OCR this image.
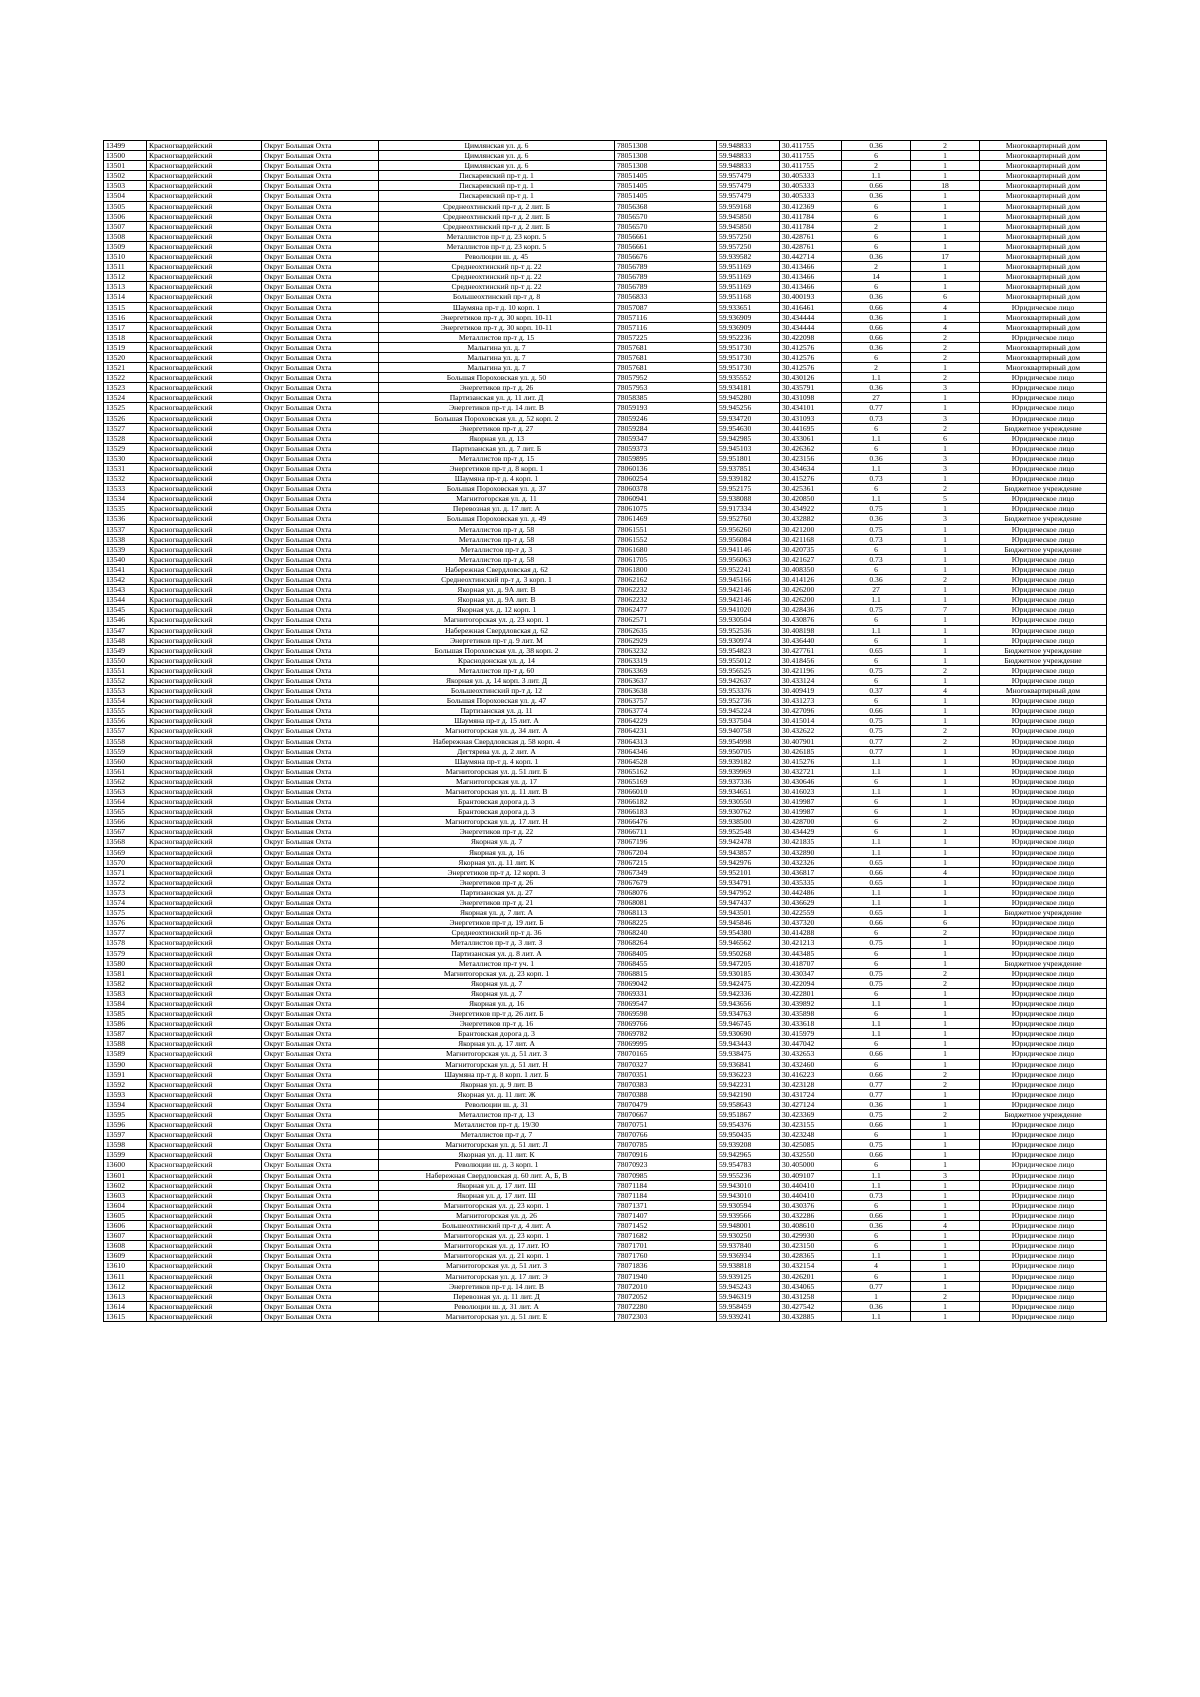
13499	Красногвардейский	Округ Большая Охта	Цимлянская ул. д. 6	78051308	59.948833	30.411755	0.36	2	Многоквартирный дом
13500	Красногвардейский	Округ Большая Охта	Цимлянская ул. д. 6	78051308	59.948833	30.411755	6	1	Многоквартирный дом
13501	Красногвардейский	Округ Большая Охта	Цимлянская ул. д. 6	78051308	59.948833	30.411755	2	1	Многоквартирный дом
13502	Красногвардейский	Округ Большая Охта	Пискаревский пр-т д. 1	78051405	59.957479	30.405333	1.1	1	Многоквартирный дом
13503	Красногвардейский	Округ Большая Охта	Пискаревский пр-т д. 1	78051405	59.957479	30.405333	0.66	18	Многоквартирный дом
13504	Красногвардейский	Округ Большая Охта	Пискаревский пр-т д. 1	78051405	59.957479	30.405333	0.36	1	Многоквартирный дом
13505	Красногвардейский	Округ Большая Охта	Среднеохтинский пр-т д. 2 лит. Б	78056368	59.959168	30.412369	6	1	Многоквартирный дом
13506	Красногвардейский	Округ Большая Охта	Среднеохтинский пр-т д. 2 лит. Б	78056570	59.945850	30.411784	6	1	Многоквартирный дом
13507	Красногвардейский	Округ Большая Охта	Среднеохтинский пр-т д. 2 лит. Б	78056570	59.945850	30.411784	2	1	Многоквартирный дом
13508	Красногвардейский	Округ Большая Охта	Металлистов пр-т д. 23 корп. 5	78056661	59.957250	30.428761	6	1	Многоквартирный дом
13509	Красногвардейский	Округ Большая Охта	Металлистов пр-т д. 23 корп. 5	78056661	59.957250	30.428761	6	1	Многоквартирный дом
13510	Красногвардейский	Округ Большая Охта	Революции ш. д. 45	78056676	59.939582	30.442714	0.36	17	Многоквартирный дом
13511	Красногвардейский	Округ Большая Охта	Среднеохтинский пр-т д. 22	78056789	59.951169	30.413466	2	1	Многоквартирный дом
13512	Красногвардейский	Округ Большая Охта	Среднеохтинский пр-т д. 22	78056789	59.951169	30.413466	14	1	Многоквартирный дом
13513	Красногвардейский	Округ Большая Охта	Среднеохтинский пр-т д. 22	78056789	59.951169	30.413466	6	1	Многоквартирный дом
13514	Красногвардейский	Округ Большая Охта	Большеохтинский пр-т д. 8	78056833	59.951168	30.400193	0.36	6	Многоквартирный дом
13515	Красногвардейский	Округ Большая Охта	Шаумяна пр-т д. 10 корп. 1	78057087	59.933651	30.416461	0.66	4	Юридическое лицо
13516	Красногвардейский	Округ Большая Охта	Энергетиков пр-т д. 30 корп. 10-11	78057116	59.936909	30.434444	0.36	1	Многоквартирный дом
13517	Красногвардейский	Округ Большая Охта	Энергетиков пр-т д. 30 корп. 10-11	78057116	59.936909	30.434444	0.66	4	Многоквартирный дом
13518	Красногвардейский	Округ Большая Охта	Металлистов пр-т д. 15	78057225	59.952236	30.422098	0.66	2	Юридическое лицо
13519	Красногвардейский	Округ Большая Охта	Малыгина ул. д. 7	78057681	59.951730	30.412576	0.36	2	Многоквартирный дом
13520	Красногвардейский	Округ Большая Охта	Малыгина ул. д. 7	78057681	59.951730	30.412576	6	2	Многоквартирный дом
13521	Красногвардейский	Округ Большая Охта	Малыгина ул. д. 7	78057681	59.951730	30.412576	2	1	Многоквартирный дом
13522	Красногвардейский	Округ Большая Охта	Большая Пороховская ул. д. 50	78057952	59.935552	30.430126	1.1	2	Юридическое лицо
13523	Красногвардейский	Округ Большая Охта	Энергетиков пр-т д. 26	78057953	59.934181	30.435791	0.36	3	Юридическое лицо
13524	Красногвардейский	Округ Большая Охта	Партизанская ул. д. 11 лит. Д	78058385	59.945280	30.431098	27	1	Юридическое лицо
13525	Красногвардейский	Округ Большая Охта	Энергетиков пр-т д. 14 лит. В	78059193	59.945256	30.434101	0.77	1	Юридическое лицо
13526	Красногвардейский	Округ Большая Охта	Большая Пороховская ул. д. 52 корп. 2	78059246	59.934720	30.431093	0.73	3	Юридическое лицо
13527	Красногвардейский	Округ Большая Охта	Энергетиков пр-т д. 27	78059284	59.954630	30.441695	6	2	Бюджетное учреждение
13528	Красногвардейский	Округ Большая Охта	Якорная ул. д. 13	78059347	59.942985	30.433061	1.1	6	Юридическое лицо
13529	Красногвардейский	Округ Большая Охта	Партизанская ул. д. 7 лит. Б	78059373	59.945103	30.426362	6	1	Юридическое лицо
13530	Красногвардейский	Округ Большая Охта	Металлистов пр-т д. 15	78059895	59.951801	30.423156	0.36	3	Юридическое лицо
13531	Красногвардейский	Округ Большая Охта	Энергетиков пр-т д. 8 корп. 1	78060136	59.937851	30.434634	1.1	3	Юридическое лицо
13532	Красногвардейский	Округ Большая Охта	Шаумяна пр-т д. 4 корп. 1	78060254	59.939182	30.415276	0.73	1	Юридическое лицо
13533	Красногвардейский	Округ Большая Охта	Большая Пороховская ул. д. 37	78060378	59.952175	30.425361	6	2	Бюджетное учреждение
13534	Красногвардейский	Округ Большая Охта	Магнитогорская ул. д. 11	78060941	59.938088	30.420850	1.1	5	Юридическое лицо
13535	Красногвардейский	Округ Большая Охта	Перевозная ул. д. 17 лит. А	78061075	59.917334	30.434922	0.75	1	Юридическое лицо
13536	Красногвардейский	Округ Большая Охта	Большая Пороховская ул. д. 49	78061469	59.952760	30.432882	0.36	3	Бюджетное учреждение
13537	Красногвардейский	Округ Большая Охта	Металлистов пр-т д. 58	78061551	59.956260	30.421200	0.75	1	Юридическое лицо
13538	Красногвардейский	Округ Большая Охта	Металлистов пр-т д. 58	78061552	59.956084	30.421168	0.73	1	Юридическое лицо
13539	Красногвардейский	Округ Большая Охта	Металлистов пр-т д. 3	78061680	59.941146	30.420735	6	1	Бюджетное учреждение
13540	Красногвардейский	Округ Большая Охта	Металлистов пр-т д. 58	78061705	59.956063	30.421627	0.73	1	Юридическое лицо
13541	Красногвардейский	Округ Большая Охта	Набережная Свердловская д. 62	78061800	59.952241	30.408350	6	1	Юридическое лицо
13542	Красногвардейский	Округ Большая Охта	Среднеохтинский пр-т д. 3 корп. 1	78062162	59.945166	30.414126	0.36	2	Юридическое лицо
13543	Красногвардейский	Округ Большая Охта	Якорная ул. д. 9А лит. В	78062232	59.942146	30.426200	27	1	Юридическое лицо
13544	Красногвардейский	Округ Большая Охта	Якорная ул. д. 9А лит. В	78062232	59.942146	30.426200	1.1	1	Юридическое лицо
13545	Красногвардейский	Округ Большая Охта	Якорная ул. д. 12 корп. 1	78062477	59.941020	30.428436	0.75	7	Юридическое лицо
13546	Красногвардейский	Округ Большая Охта	Магнитогорская ул. д. 23 корп. 1	78062571	59.930504	30.430876	6	1	Юридическое лицо
13547	Красногвардейский	Округ Большая Охта	Набережная Свердловская д. 62	78062635	59.952536	30.408198	1.1	1	Юридическое лицо
13548	Красногвардейский	Округ Большая Охта	Энергетиков пр-т д. 9 лит. М	78062929	59.930974	30.436440	6	1	Юридическое лицо
13549	Красногвардейский	Округ Большая Охта	Большая Пороховская ул. д. 38 корп. 2	78063232	59.954823	30.427761	0.65	1	Бюджетное учреждение
13550	Красногвардейский	Округ Большая Охта	Краснодонская ул. д. 14	78063319	59.955012	30.418456	6	1	Бюджетное учреждение
13551	Красногвардейский	Округ Большая Охта	Металлистов пр-т д. 60	78063369	59.956525	30.421196	0.75	2	Юридическое лицо
13552	Красногвардейский	Округ Большая Охта	Якорная ул. д. 14 корп. 3 лит. Д	78063637	59.942637	30.433124	6	1	Юридическое лицо
13553	Красногвардейский	Округ Большая Охта	Большеохтинский пр-т д. 12	78063638	59.953376	30.409419	0.37	4	Многоквартирный дом
13554	Красногвардейский	Округ Большая Охта	Большая Пороховская ул. д. 47	78063757	59.952736	30.431273	6	1	Юридическое лицо
13555	Красногвардейский	Округ Большая Охта	Партизанская ул. д. 11	78063774	59.945224	30.427096	0.66	1	Юридическое лицо
13556	Красногвардейский	Округ Большая Охта	Шаумяна пр-т д. 15 лит. А	78064229	59.937504	30.415014	0.75	1	Юридическое лицо
13557	Красногвардейский	Округ Большая Охта	Магнитогорская ул. д. 34 лит. А	78064231	59.940758	30.432622	0.75	2	Юридическое лицо
13558	Красногвардейский	Округ Большая Охта	Набережная Свердловская д. 58 корп. 4	78064313	59.954998	30.407901	0.77	2	Юридическое лицо
13559	Красногвардейский	Округ Большая Охта	Дегтярева ул. д. 2 лит. А	78064346	59.950705	30.426185	0.77	1	Юридическое лицо
13560	Красногвардейский	Округ Большая Охта	Шаумяна пр-т д. 4 корп. 1	78064528	59.939182	30.415276	1.1	1	Юридическое лицо
13561	Красногвардейский	Округ Большая Охта	Магнитогорская ул. д. 51 лит. Б	78065162	59.939969	30.432721	1.1	1	Юридическое лицо
13562	Красногвардейский	Округ Большая Охта	Магнитогорская ул. д. 17	78065169	59.937336	30.430646	6	1	Юридическое лицо
13563	Красногвардейский	Округ Большая Охта	Магнитогорская ул. д. 11 лит. В	78066010	59.934651	30.416023	1.1	1	Юридическое лицо
13564	Красногвардейский	Округ Большая Охта	Брантовская дорога д. 3	78066182	59.930550	30.419987	6	1	Юридическое лицо
13565	Красногвардейский	Округ Большая Охта	Брантовская дорога д. 3	78066183	59.930762	30.419987	6	1	Юридическое лицо
13566	Красногвардейский	Округ Большая Охта	Магнитогорская ул. д. 17 лит. Н	78066476	59.938500	30.428700	6	2	Юридическое лицо
13567	Красногвардейский	Округ Большая Охта	Энергетиков пр-т д. 22	78066711	59.952548	30.434429	6	1	Юридическое лицо
13568	Красногвардейский	Округ Большая Охта	Якорная ул. д. 7	78067196	59.942478	30.421835	1.1	1	Юридическое лицо
13569	Красногвардейский	Округ Большая Охта	Якорная ул. д. 16	78067204	59.943857	30.432890	1.1	1	Юридическое лицо
13570	Красногвардейский	Округ Большая Охта	Якорная ул. д. 11 лит. К	78067215	59.942976	30.432326	0.65	1	Юридическое лицо
13571	Красногвардейский	Округ Большая Охта	Энергетиков пр-т д. 12 корп. 3	78067349	59.952101	30.436817	0.66	4	Юридическое лицо
13572	Красногвардейский	Округ Большая Охта	Энергетиков пр-т д. 26	78067679	59.934791	30.435335	0.65	1	Юридическое лицо
13573	Красногвардейский	Округ Большая Охта	Партизанская ул. д. 27	78068076	59.947952	30.442486	1.1	1	Юридическое лицо
13574	Красногвардейский	Округ Большая Охта	Энергетиков пр-т д. 21	78068081	59.947437	30.436629	1.1	1	Юридическое лицо
13575	Красногвардейский	Округ Большая Охта	Якорная ул. д. 7 лит. А	78068113	59.943501	30.422559	0.65	1	Бюджетное учреждение
13576	Красногвардейский	Округ Большая Охта	Энергетиков пр-т д. 19 лит. Б	78068225	59.945846	30.437320	0.66	6	Юридическое лицо
13577	Красногвардейский	Округ Большая Охта	Среднеохтинский пр-т д. 36	78068240	59.954380	30.414288	6	2	Юридическое лицо
13578	Красногвардейский	Округ Большая Охта	Металлистов пр-т д. 3 лит. З	78068264	59.946562	30.421213	0.75	1	Юридическое лицо
13579	Красногвардейский	Округ Большая Охта	Партизанская ул. д. 8 лит. А	78068405	59.950268	30.443485	6	1	Юридическое лицо
13580	Красногвардейский	Округ Большая Охта	Металлистов пр-т уч. 1	78068455	59.947205	30.418707	6	1	Бюджетное учреждение
13581	Красногвардейский	Округ Большая Охта	Магнитогорская ул. д. 23 корп. 1	78068815	59.930185	30.430347	0.75	2	Юридическое лицо
13582	Красногвардейский	Округ Большая Охта	Якорная ул. д. 7	78069042	59.942475	30.422094	0.75	2	Юридическое лицо
13583	Красногвардейский	Округ Большая Охта	Якорная ул. д. 7	78069331	59.942336	30.422801	6	1	Юридическое лицо
13584	Красногвардейский	Округ Большая Охта	Якорная ул. д. 16	78069547	59.943656	30.439892	1.1	1	Юридическое лицо
13585	Красногвардейский	Округ Большая Охта	Энергетиков пр-т д. 26 лит. Б	78069598	59.934763	30.435898	6	1	Юридическое лицо
13586	Красногвардейский	Округ Большая Охта	Энергетиков пр-т д. 16	78069766	59.946745	30.433618	1.1	1	Юридическое лицо
13587	Красногвардейский	Округ Большая Охта	Брантовская дорога д. 3	78069782	59.930690	30.415979	1.1	1	Юридическое лицо
13588	Красногвардейский	Округ Большая Охта	Якорная ул. д. 17 лит. А	78069995	59.943443	30.447042	6	1	Юридическое лицо
13589	Красногвардейский	Округ Большая Охта	Магнитогорская ул. д. 51 лит. З	78070165	59.938475	30.432653	0.66	1	Юридическое лицо
13590	Красногвардейский	Округ Большая Охта	Магнитогорская ул. д. 51 лит. Н	78070327	59.936841	30.432460	6	1	Юридическое лицо
13591	Красногвардейский	Округ Большая Охта	Шаумяна пр-т д. 8 корп. 1 лит. Б	78070351	59.936223	30.416223	0.66	2	Юридическое лицо
13592	Красногвардейский	Округ Большая Охта	Якорная ул. д. 9 лит. В	78070383	59.942231	30.423128	0.77	2	Юридическое лицо
13593	Красногвардейский	Округ Большая Охта	Якорная ул. д. 11 лит. Ж	78070388	59.942190	30.431724	0.77	1	Юридическое лицо
13594	Красногвардейский	Округ Большая Охта	Революции ш. д. 31	78070479	59.958643	30.427124	0.36	1	Юридическое лицо
13595	Красногвардейский	Округ Большая Охта	Металлистов пр-т д. 13	78070667	59.951867	30.423369	0.75	2	Бюджетное учреждение
13596	Красногвардейский	Округ Большая Охта	Металлистов пр-т д. 19/30	78070751	59.954376	30.423155	0.66	1	Юридическое лицо
13597	Красногвардейский	Округ Большая Охта	Металлистов пр-т д. 7	78070766	59.950435	30.423248	6	1	Юридическое лицо
13598	Красногвардейский	Округ Большая Охта	Магнитогорская ул. д. 51 лит. Л	78070785	59.939208	30.425085	0.75	1	Юридическое лицо
13599	Красногвардейский	Округ Большая Охта	Якорная ул. д. 11 лит. К	78070916	59.942965	30.432550	0.66	1	Юридическое лицо
13600	Красногвардейский	Округ Большая Охта	Революции ш. д. 3 корп. 1	78070923	59.954783	30.405000	6	1	Юридическое лицо
13601	Красногвардейский	Округ Большая Охта	Набережная Свердловская д. 60 лит. А, Б, В	78070985	59.955236	30.409107	1.1	3	Юридическое лицо
13602	Красногвардейский	Округ Большая Охта	Якорная ул. д. 17 лит. Ш	78071184	59.943010	30.440410	1.1	1	Юридическое лицо
13603	Красногвардейский	Округ Большая Охта	Якорная ул. д. 17 лит. Ш	78071184	59.943010	30.440410	0.73	1	Юридическое лицо
13604	Красногвардейский	Округ Большая Охта	Магнитогорская ул. д. 23 корп. 1	78071371	59.930594	30.430376	6	1	Юридическое лицо
13605	Красногвардейский	Округ Большая Охта	Магнитогорская ул. д. 26	78071407	59.939566	30.432286	0.66	1	Юридическое лицо
13606	Красногвардейский	Округ Большая Охта	Большеохтинский пр-т д. 4 лит. А	78071452	59.948001	30.408610	0.36	4	Юридическое лицо
13607	Красногвардейский	Округ Большая Охта	Магнитогорская ул. д. 23 корп. 1	78071682	59.930250	30.429930	6	1	Юридическое лицо
13608	Красногвардейский	Округ Большая Охта	Магнитогорская ул. д. 17 лит. Ю	78071701	59.937840	30.423150	6	1	Юридическое лицо
13609	Красногвардейский	Округ Большая Охта	Магнитогорская ул. д. 21 корп. 1	78071760	59.936934	30.428365	1.1	1	Юридическое лицо
13610	Красногвардейский	Округ Большая Охта	Магнитогорская ул. д. 51 лит. З	78071836	59.938818	30.432154	4	1	Юридическое лицо
13611	Красногвардейский	Округ Большая Охта	Магнитогорская ул. д. 17 лит. Э	78071940	59.939125	30.426201	6	1	Юридическое лицо
13612	Красногвардейский	Округ Большая Охта	Энергетиков пр-т д. 14 лит. В	78072010	59.945243	30.434065	0.77	1	Юридическое лицо
13613	Красногвардейский	Округ Большая Охта	Перевозная ул. д. 11 лит. Д	78072052	59.946319	30.431258	1	2	Юридическое лицо
13614	Красногвардейский	Округ Большая Охта	Революции ш. д. 31 лит. А	78072280	59.958459	30.427542	0.36	1	Юридическое лицо
13615	Красногвардейский	Округ Большая Охта	Магнитогорская ул. д. 51 лит. Е	78072303	59.939241	30.432885	1.1	1	Юридическое лицо
